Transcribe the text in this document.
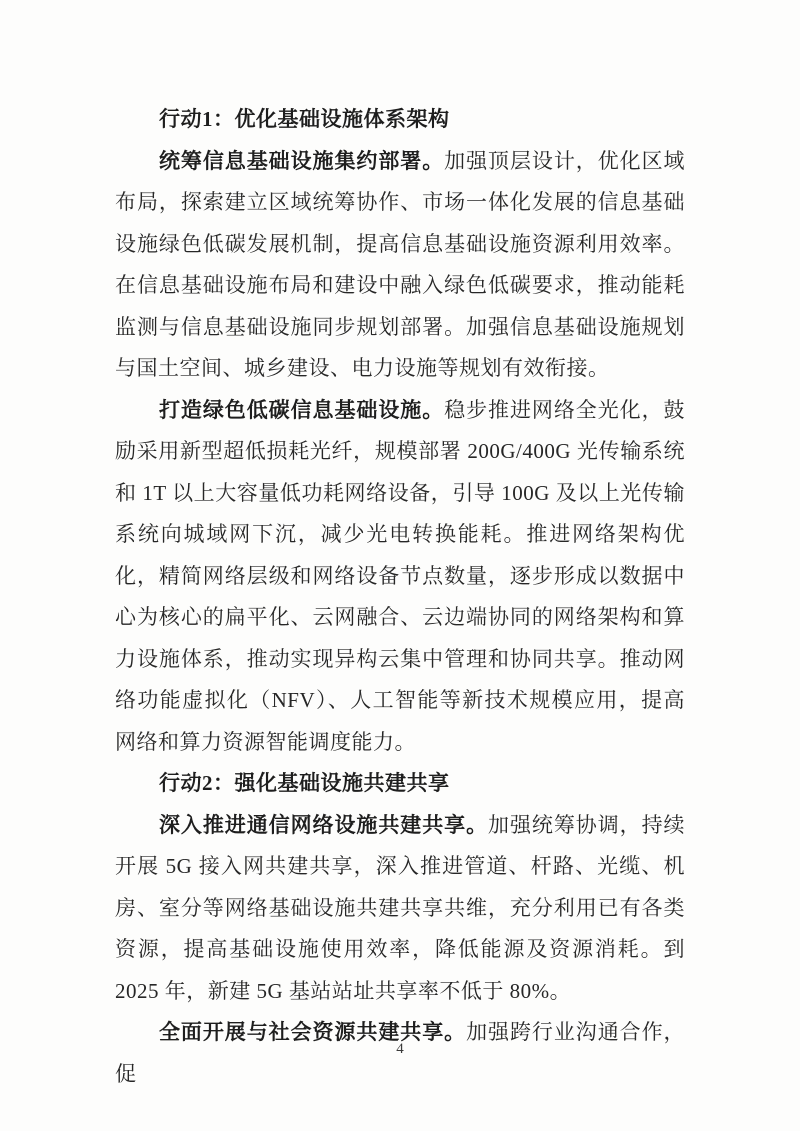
行动1：优化基础设施体系架构

统筹信息基础设施集约部署。加强顶层设计，优化区域布局，探索建立区域统筹协作、市场一体化发展的信息基础设施绿色低碳发展机制，提高信息基础设施资源利用效率。在信息基础设施布局和建设中融入绿色低碳要求，推动能耗监测与信息基础设施同步规划部署。加强信息基础设施规划与国土空间、城乡建设、电力设施等规划有效衔接。

打造绿色低碳信息基础设施。稳步推进网络全光化，鼓励采用新型超低损耗光纤，规模部署 200G/400G 光传输系统和 1T 以上大容量低功耗网络设备，引导 100G 及以上光传输系统向城域网下沉，减少光电转换能耗。推进网络架构优化，精简网络层级和网络设备节点数量，逐步形成以数据中心为核心的扁平化、云网融合、云边端协同的网络架构和算力设施体系，推动实现异构云集中管理和协同共享。推动网络功能虚拟化（NFV）、人工智能等新技术规模应用，提高网络和算力资源智能调度能力。

行动2：强化基础设施共建共享

深入推进通信网络设施共建共享。加强统筹协调，持续开展 5G 接入网共建共享，深入推进管道、杆路、光缆、机房、室分等网络基础设施共建共享共维，充分利用已有各类资源，提高基础设施使用效率，降低能源及资源消耗。到 2025 年，新建 5G 基站站址共享率不低于 80%。

全面开展与社会资源共建共享。加强跨行业沟通合作，促

4
